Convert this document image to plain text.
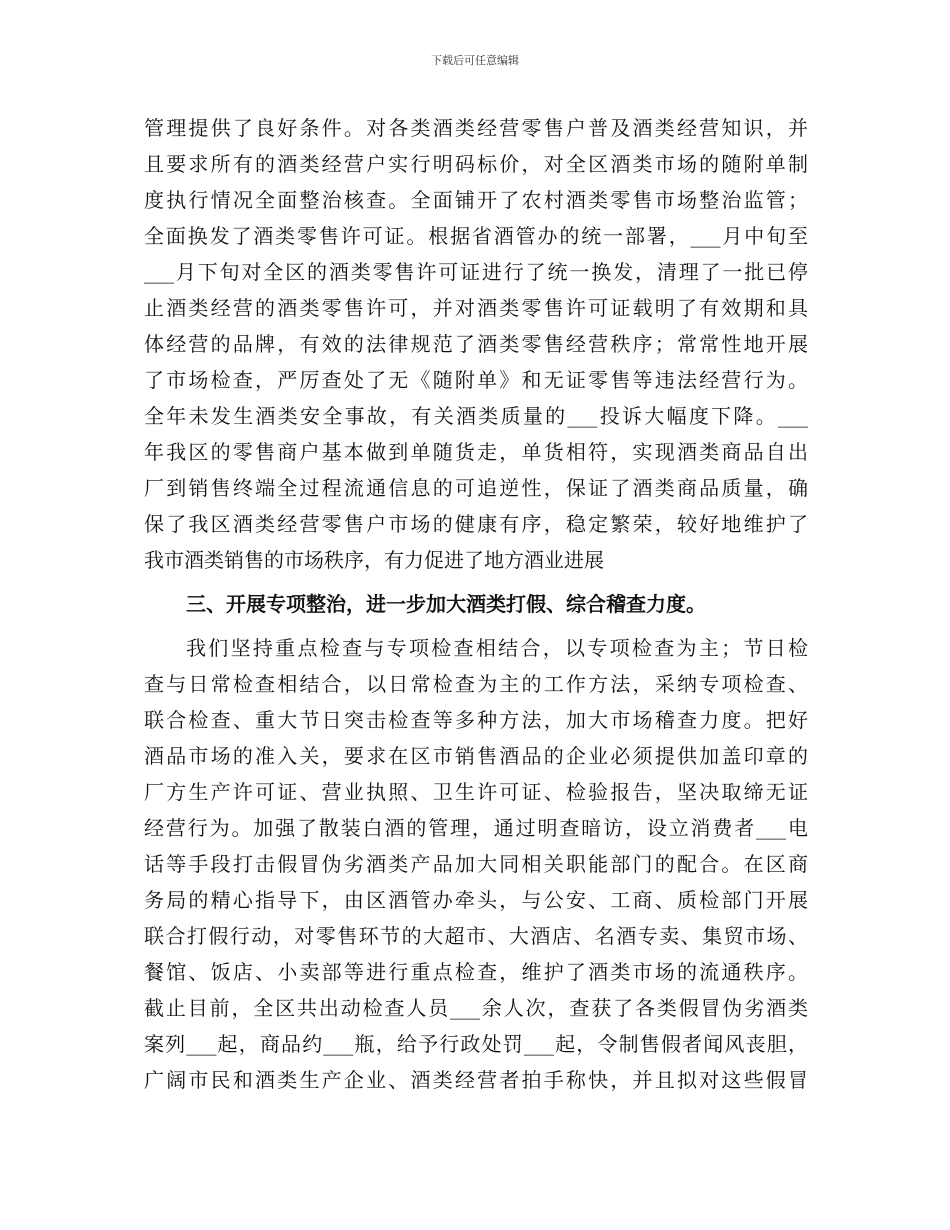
下载后可任意编辑
管理提供了良好条件。对各类酒类经营零售户普及酒类经营知识，并
且要求所有的酒类经营户实行明码标价，对全区酒类市场的随附单制
度执行情况全面整治核查。全面铺开了农村酒类零售市场整治监管；
全面换发了酒类零售许可证。根据省酒管办的统一部署，___月中旬至
___月下旬对全区的酒类零售许可证进行了统一换发，清理了一批已停
止酒类经营的酒类零售许可，并对酒类零售许可证载明了有效期和具
体经营的品牌，有效的法律规范了酒类零售经营秩序；常常性地开展
了市场检查，严厉查处了无《随附单》和无证零售等违法经营行为。
全年未发生酒类安全事故，有关酒类质量的___投诉大幅度下降。___
年我区的零售商户基本做到单随货走，单货相符，实现酒类商品自出
厂到销售终端全过程流通信息的可追逆性，保证了酒类商品质量，确
保了我区酒类经营零售户市场的健康有序，稳定繁荣，较好地维护了
我市酒类销售的市场秩序，有力促进了地方酒业进展
三、开展专项整治，进一步加大酒类打假、综合稽查力度。
我们坚持重点检查与专项检查相结合，以专项检查为主；节日检
查与日常检查相结合，以日常检查为主的工作方法，采纳专项检查、
联合检查、重大节日突击检查等多种方法，加大市场稽查力度。把好
酒品市场的准入关，要求在区市销售酒品的企业必须提供加盖印章的
厂方生产许可证、营业执照、卫生许可证、检验报告，坚决取缔无证
经营行为。加强了散装白酒的管理，通过明查暗访，设立消费者___电
话等手段打击假冒伪劣酒类产品加大同相关职能部门的配合。在区商
务局的精心指导下，由区酒管办牵头，与公安、工商、质检部门开展
联合打假行动，对零售环节的大超市、大酒店、名酒专卖、集贸市场、
餐馆、饭店、小卖部等进行重点检查，维护了酒类市场的流通秩序。
截止目前，全区共出动检查人员___余人次，查获了各类假冒伪劣酒类
案列___起，商品约___瓶，给予行政处罚___起，令制售假者闻风丧胆，
广阔市民和酒类生产企业、酒类经营者拍手称快，并且拟对这些假冒
